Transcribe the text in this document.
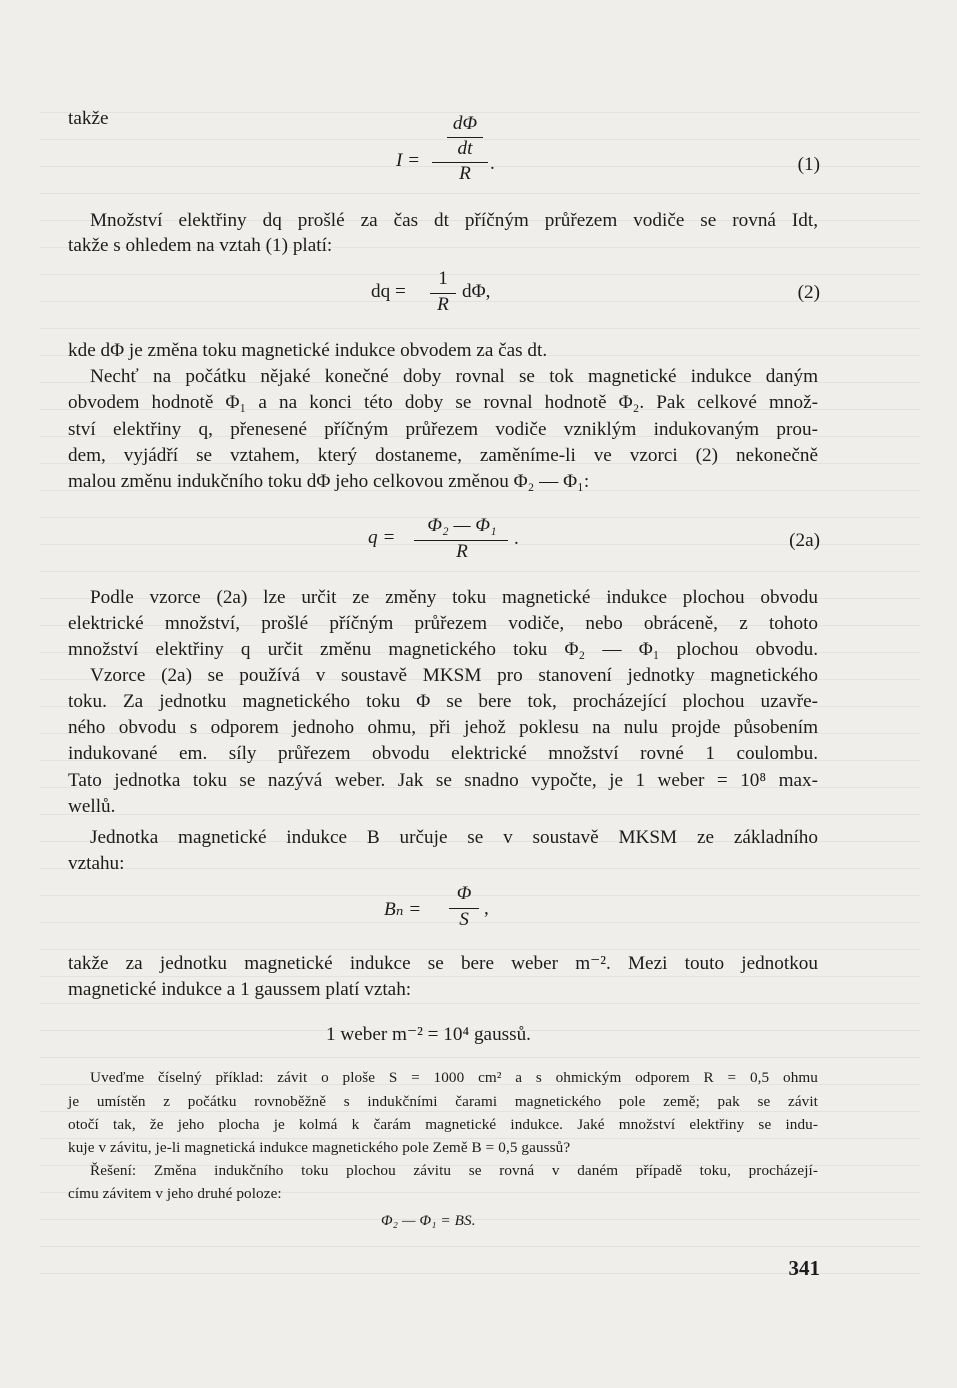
takže
I =
dΦ
dt
R .	(1)
Množství elektřiny dq prošlé za čas dt příčným průřezem vodiče se rovná Idt,
takže s ohledem na vztah (1) platí:
dq =
1
R
dΦ,	(2)
kde dΦ je změna toku magnetické indukce obvodem za čas dt.
Nechť na počátku nějaké konečné doby rovnal se tok magnetické indukce daným
obvodem hodnotě Φ₁ a na konci této doby se rovnal hodnotě Φ₂. Pak celkové množ-
ství elektřiny q, přenesené příčným průřezem vodiče vzniklým indukovaným prou-
dem, vyjádří se vztahem, který dostaneme, zaměníme-li ve vzorci (2) nekonečně
malou změnu indukčního toku dΦ jeho celkovou změnou Φ₂ — Φ₁:
q =
Φ₂ — Φ₁
R
.	(2a)
Podle vzorce (2a) lze určit ze změny toku magnetické indukce plochou obvodu
elektrické množství, prošlé příčným průřezem vodiče, nebo obráceně, z tohoto
množství elektřiny q určit změnu magnetického toku Φ₂ — Φ₁ plochou obvodu.
Vzorce (2a) se používá v soustavě MKSM pro stanovení jednotky magnetického
toku. Za jednotku magnetického toku Φ se bere tok, procházející plochou uzavře-
ného obvodu s odporem jednoho ohmu, při jehož poklesu na nulu projde působením
indukované em. síly průřezem obvodu elektrické množství rovné 1 coulombu.
Tato jednotka toku se nazývá weber. Jak se snadno vypočte, je 1 weber = 10⁸ max-
wellů.
Jednotka magnetické indukce B určuje se v soustavě MKSM ze základního
vztahu:
Bₙ =
Φ
S
,
takže za jednotku magnetické indukce se bere weber m⁻². Mezi touto jednotkou
magnetické indukce a 1 gaussem platí vztah:
1 weber m⁻² = 10⁴ gaussů.
Uveďme číselný příklad: závit o ploše S = 1000 cm² a s ohmickým odporem R = 0,5 ohmu
je umístěn z počátku rovnoběžně s indukčními čarami magnetického pole země; pak se závit
otočí tak, že jeho plocha je kolmá k čarám magnetické indukce. Jaké množství elektřiny se indu-
kuje v závitu, je-li magnetická indukce magnetického pole Země B = 0,5 gaussů?
Řešení: Změna indukčního toku plochou závitu se rovná v daném případě toku, procházejí-
címu závitem v jeho druhé poloze:
Φ₂ — Φ₁ = BS.
341
